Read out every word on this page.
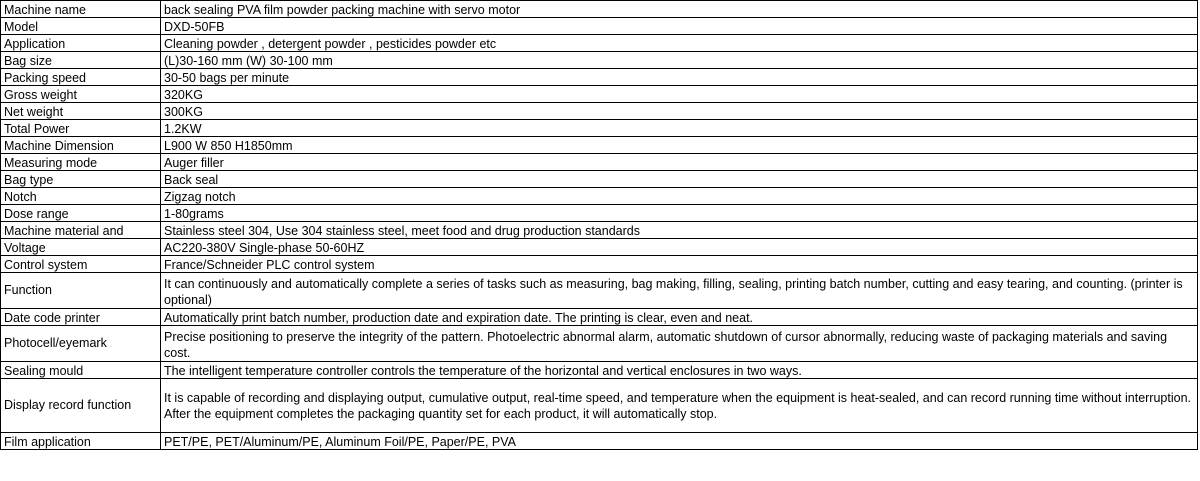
Machine name	back sealing PVA film powder packing machine with servo motor
Model	DXD-50FB
Application	Cleaning powder , detergent powder , pesticides powder etc
Bag size	(L)30-160 mm (W) 30-100 mm
Packing speed	30-50 bags per minute
Gross weight	320KG
Net weight	300KG
Total Power	1.2KW
Machine Dimension	L900 W 850 H1850mm
Measuring mode	Auger filler
Bag type	Back seal
Notch	Zigzag notch
Dose range	1-80grams
Machine material and	Stainless steel 304, Use 304 stainless steel, meet food and drug production standards
Voltage	AC220-380V Single-phase 50-60HZ
Control system	France/Schneider PLC control system
Function	It can continuously and automatically complete a series of tasks such as measuring, bag making, filling, sealing, printing batch number, cutting and easy tearing, and counting. (printer is optional)
Date code printer	Automatically print batch number, production date and expiration date. The printing is clear, even and neat.
Photocell/eyemark	Precise positioning to preserve the integrity of the pattern. Photoelectric abnormal alarm, automatic shutdown of cursor abnormally, reducing waste of packaging materials and saving cost.
Sealing mould	The intelligent temperature controller controls the temperature of the horizontal and vertical enclosures in two ways.
Display record function	It is capable of recording and displaying output, cumulative output, real-time speed, and temperature when the equipment is heat-sealed, and can record running time without interruption. After the equipment completes the packaging quantity set for each product, it will automatically stop.
Film application	PET/PE, PET/Aluminum/PE, Aluminum Foil/PE, Paper/PE, PVA
